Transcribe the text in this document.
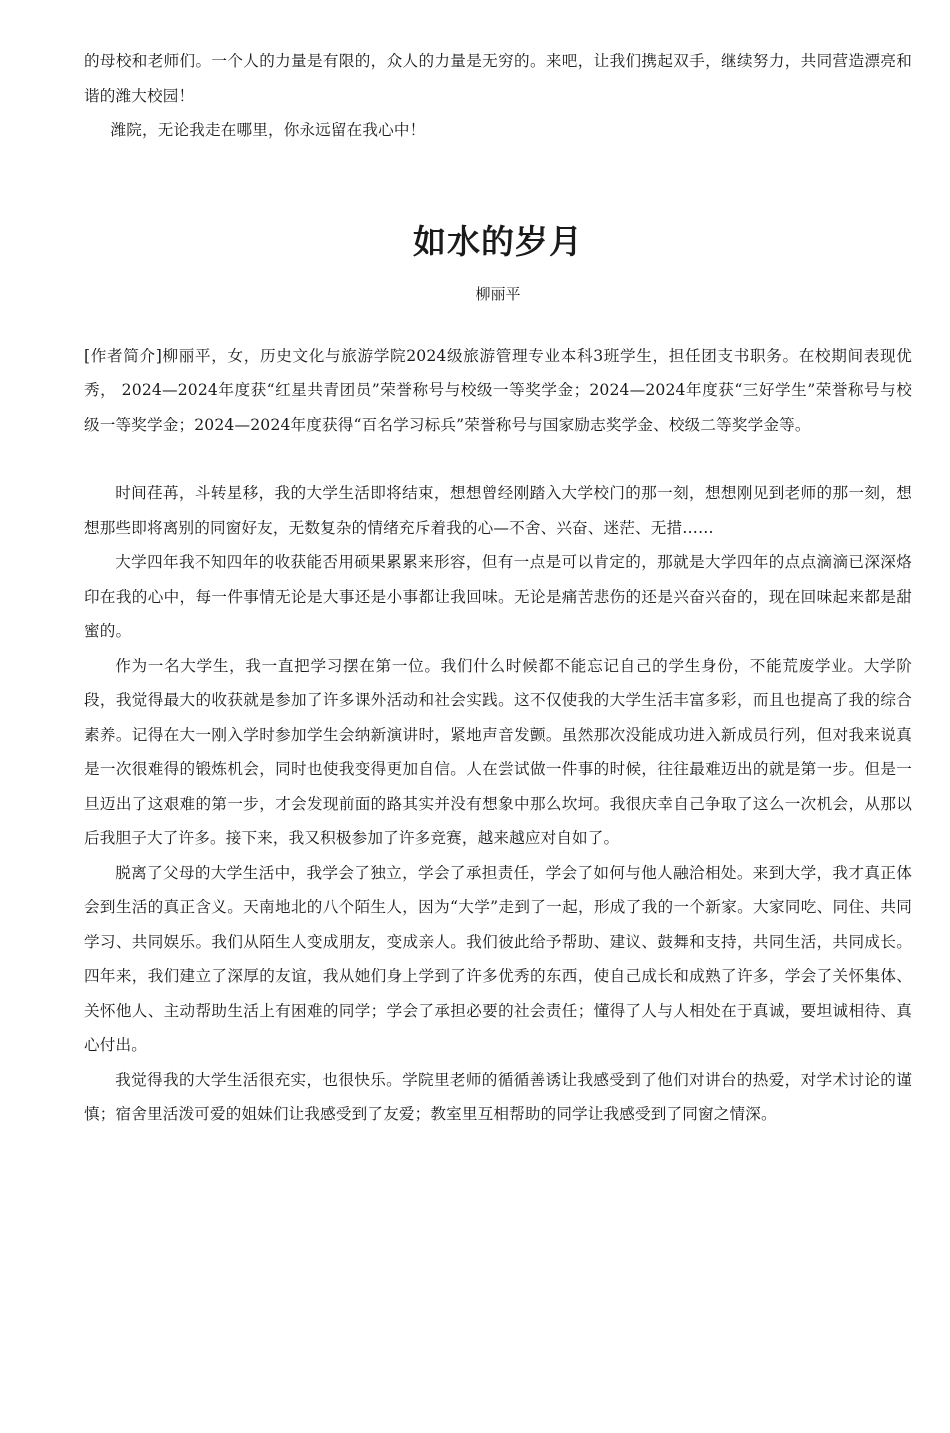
的母校和老师们。一个人的力量是有限的，众人的力量是无穷的。来吧，让我们携起双手，继续努力，共同营造漂亮和谐的潍大校园！

潍院，无论我走在哪里，你永远留在我心中！

如水的岁月

柳丽平

[作者简介]柳丽平，女，历史文化与旅游学院2024级旅游管理专业本科3班学生，担任团支书职务。在校期间表现优秀， 2024—2024年度获“红星共青团员”荣誉称号与校级一等奖学金；2024—2024年度获“三好学生”荣誉称号与校级一等奖学金；2024—2024年度获得“百名学习标兵”荣誉称号与国家励志奖学金、校级二等奖学金等。

时间荏苒，斗转星移，我的大学生活即将结束，想想曾经刚踏入大学校门的那一刻，想想刚见到老师的那一刻，想想那些即将离别的同窗好友，无数复杂的情绪充斥着我的心—不舍、兴奋、迷茫、无措……

大学四年我不知四年的收获能否用硕果累累来形容，但有一点是可以肯定的，那就是大学四年的点点滴滴已深深烙印在我的心中，每一件事情无论是大事还是小事都让我回味。无论是痛苦悲伤的还是兴奋兴奋的，现在回味起来都是甜蜜的。

作为一名大学生，我一直把学习摆在第一位。我们什么时候都不能忘记自己的学生身份，不能荒废学业。大学阶段，我觉得最大的收获就是参加了许多课外活动和社会实践。这不仅使我的大学生活丰富多彩，而且也提高了我的综合素养。记得在大一刚入学时参加学生会纳新演讲时，紧地声音发颤。虽然那次没能成功进入新成员行列，但对我来说真是一次很难得的锻炼机会，同时也使我变得更加自信。人在尝试做一件事的时候，往往最难迈出的就是第一步。但是一旦迈出了这艰难的第一步，才会发现前面的路其实并没有想象中那么坎坷。我很庆幸自己争取了这么一次机会，从那以后我胆子大了许多。接下来，我又积极参加了许多竞赛，越来越应对自如了。

脱离了父母的大学生活中，我学会了独立，学会了承担责任，学会了如何与他人融洽相处。来到大学，我才真正体会到生活的真正含义。天南地北的八个陌生人，因为“大学”走到了一起，形成了我的一个新家。大家同吃、同住、共同学习、共同娱乐。我们从陌生人变成朋友，变成亲人。我们彼此给予帮助、建议、鼓舞和支持，共同生活，共同成长。四年来，我们建立了深厚的友谊，我从她们身上学到了许多优秀的东西，使自己成长和成熟了许多，学会了关怀集体、关怀他人、主动帮助生活上有困难的同学；学会了承担必要的社会责任；懂得了人与人相处在于真诚，要坦诚相待、真心付出。

我觉得我的大学生活很充实，也很快乐。学院里老师的循循善诱让我感受到了他们对讲台的热爱，对学术讨论的谨慎；宿舍里活泼可爱的姐妹们让我感受到了友爱；教室里互相帮助的同学让我感受到了同窗之情深。
